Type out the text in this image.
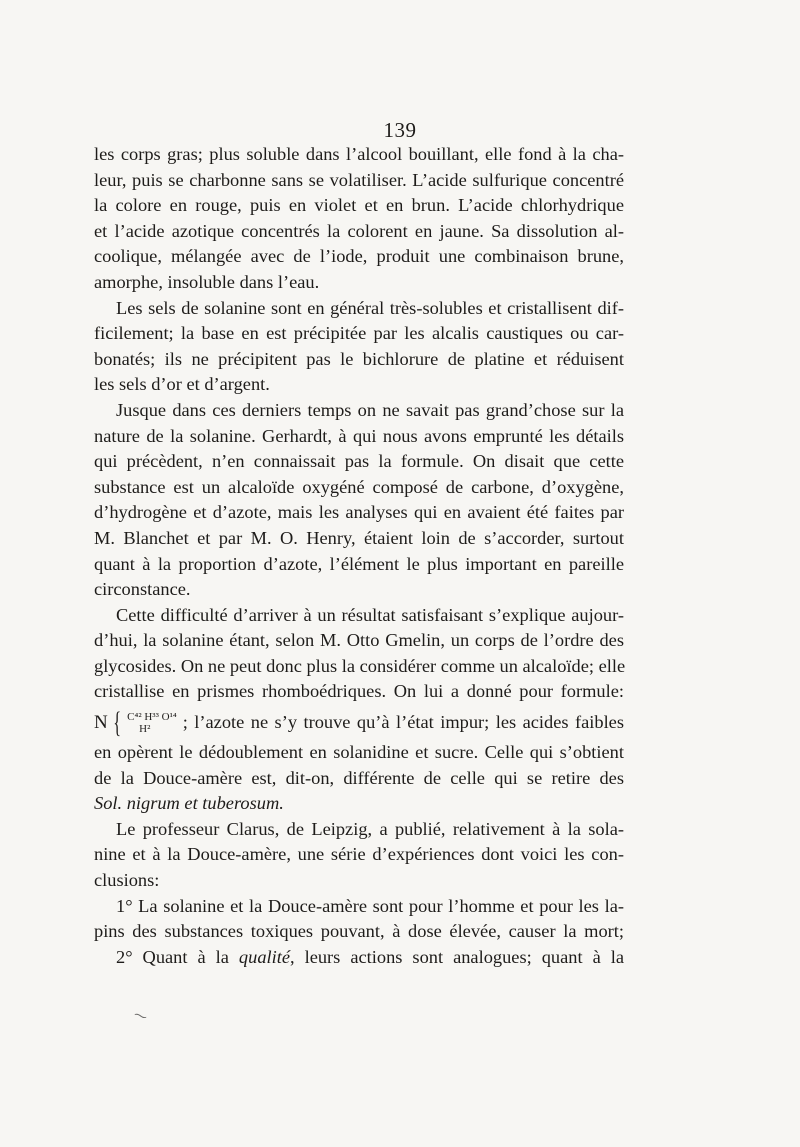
139
les corps gras; plus soluble dans l’alcool bouillant, elle fond à la cha-
leur, puis se charbonne sans se volatiliser. L’acide sulfurique concentré
la colore en rouge, puis en violet et en brun. L’acide chlorhydrique
et l’acide azotique concentrés la colorent en jaune. Sa dissolution al-
coolique, mélangée avec de l’iode, produit une combinaison brune,
amorphe, insoluble dans l’eau.
Les sels de solanine sont en général très-solubles et cristallisent dif-
ficilement; la base en est précipitée par les alcalis caustiques ou car-
bonatés; ils ne précipitent pas le bichlorure de platine et réduisent
les sels d’or et d’argent.
Jusque dans ces derniers temps on ne savait pas grand’chose sur la
nature de la solanine. Gerhardt, à qui nous avons emprunté les détails
qui précèdent, n’en connaissait pas la formule. On disait que cette
substance est un alcaloïde oxygéné composé de carbone, d’oxygène,
d’hydrogène et d’azote, mais les analyses qui en avaient été faites par
M. Blanchet et par M. O. Henry, étaient loin de s’accorder, surtout
quant à la proportion d’azote, l’élément le plus important en pareille
circonstance.
Cette difficulté d’arriver à un résultat satisfaisant s’explique aujour-
d’hui, la solanine étant, selon M. Otto Gmelin, un corps de l’ordre des
glycosides. On ne peut donc plus la considérer comme un alcaloïde; elle
cristallise en prismes rhomboédriques. On lui a donné pour formule:
N { C⁴² H³³ O¹⁴
H²	; l’azote ne s’y trouve qu’à l’état impur; les acides faibles
en opèrent le dédoublement en solanidine et sucre. Celle qui s’obtient
de la Douce-amère est, dit-on, différente de celle qui se retire des
Sol. nigrum et tuberosum.
Le professeur Clarus, de Leipzig, a publié, relativement à la sola-
nine et à la Douce-amère, une série d’expériences dont voici les con-
clusions:
1° La solanine et la Douce-amère sont pour l’homme et pour les la-
pins des substances toxiques pouvant, à dose élevée, causer la mort;
2° Quant à la qualité, leurs actions sont analogues; quant à la
⁓
